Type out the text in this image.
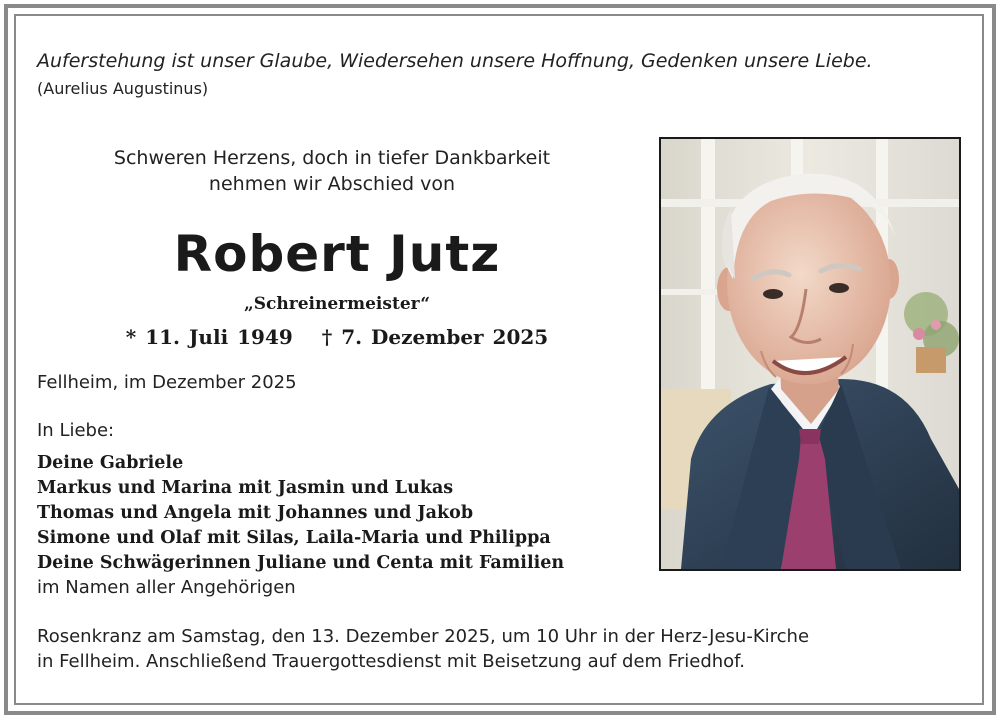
Auferstehung ist unser Glaube, Wiedersehen unsere Hoffnung, Gedenken unsere Liebe.
(Aurelius Augustinus)
Schweren Herzens, doch in tiefer Dankbarkeit
nehmen wir Abschied von
Robert Jutz
„Schreinermeister“
* 11. Juli 1949 † 7. Dezember 2025
Fellheim, im Dezember 2025
In Liebe:
Deine Gabriele
Markus und Marina mit Jasmin und Lukas
Thomas und Angela mit Johannes und Jakob
Simone und Olaf mit Silas, Laila-Maria und Philippa
Deine Schwägerinnen Juliane und Centa mit Familien
im Namen aller Angehörigen
Rosenkranz am Samstag, den 13. Dezember 2025, um 10 Uhr in der Herz-Jesu-Kirche
in Fellheim. Anschließend Trauergottesdienst mit Beisetzung auf dem Friedhof.
